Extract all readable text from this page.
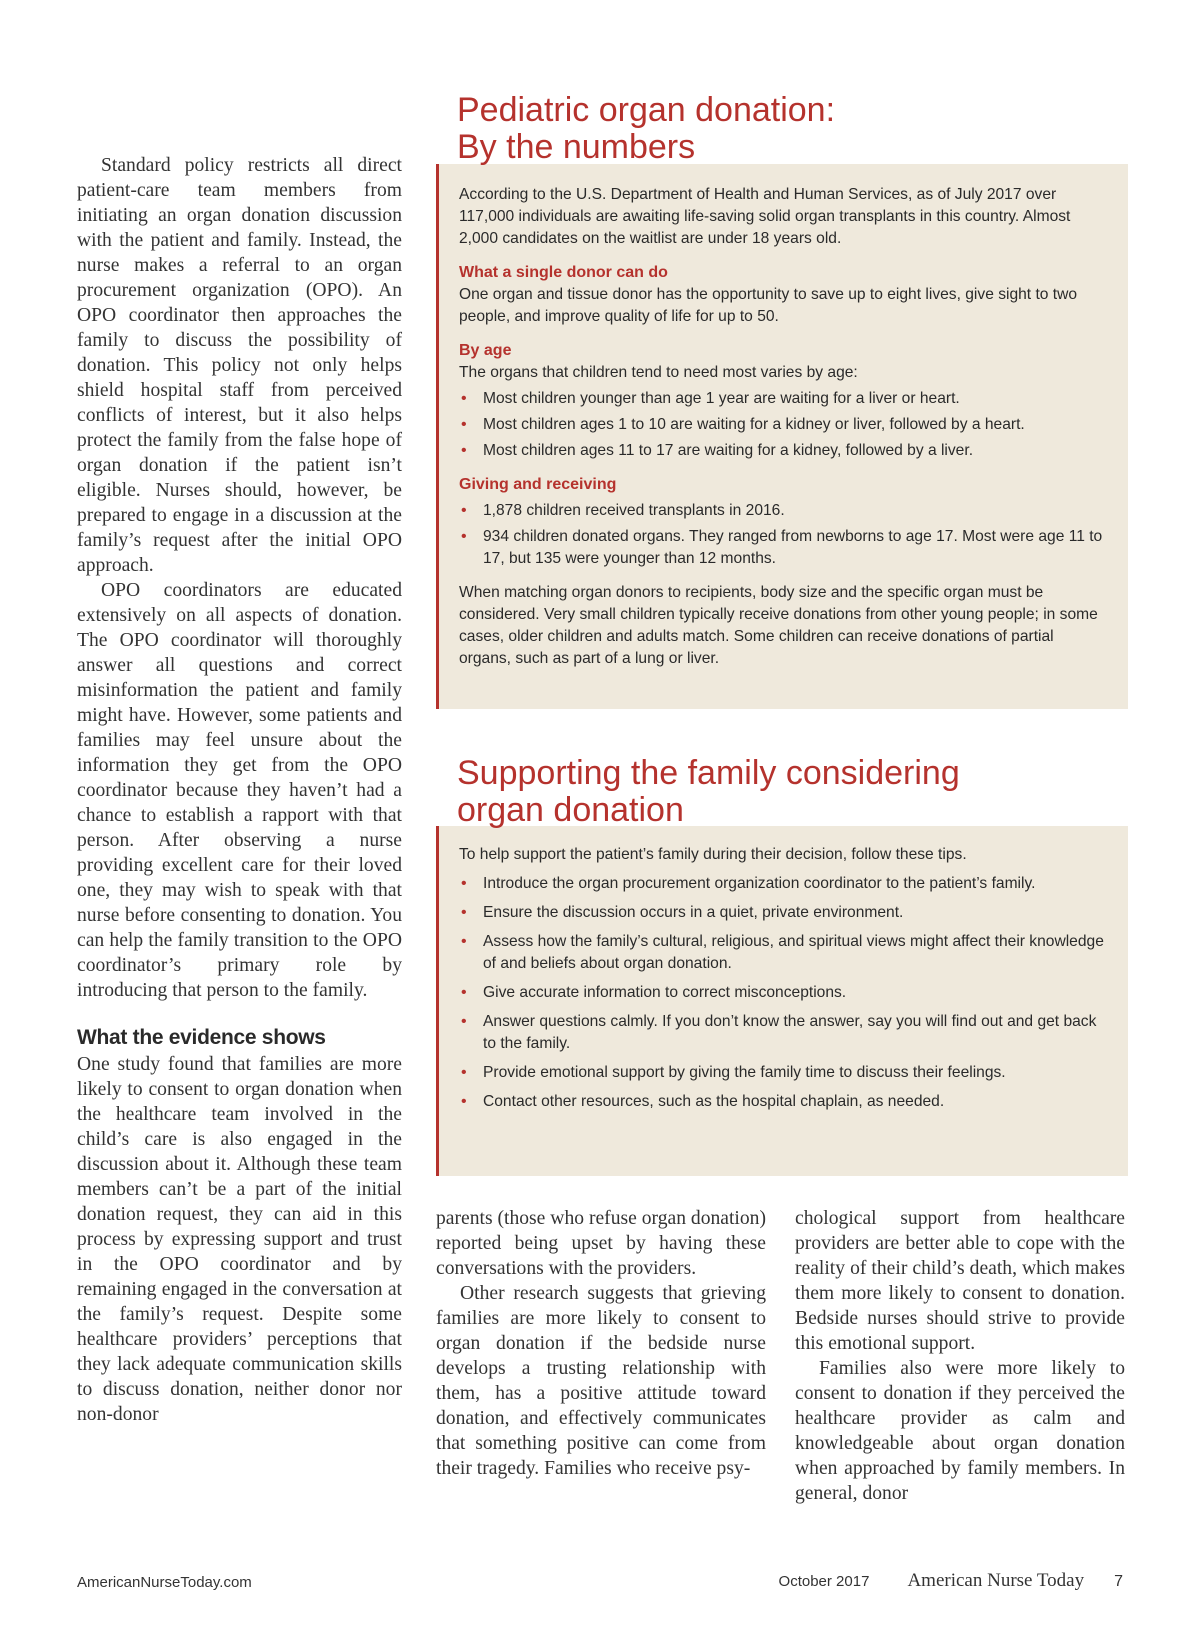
Standard policy restricts all direct patient-care team members from initiating an organ donation discussion with the patient and family. Instead, the nurse makes a referral to an organ procurement organization (OPO). An OPO coordinator then approaches the family to discuss the possibility of donation. This policy not only helps shield hospital staff from perceived conflicts of interest, but it also helps protect the family from the false hope of organ donation if the patient isn’t eligible. Nurses should, however, be prepared to engage in a discussion at the family’s request after the initial OPO approach.

OPO coordinators are educated extensively on all aspects of donation. The OPO coordinator will thoroughly answer all questions and correct misinformation the patient and family might have. However, some patients and families may feel unsure about the information they get from the OPO coordinator because they haven’t had a chance to establish a rapport with that person. After observing a nurse providing excellent care for their loved one, they may wish to speak with that nurse before consenting to donation. You can help the family transition to the OPO coordinator’s primary role by introducing that person to the family.

What the evidence shows

One study found that families are more likely to consent to organ donation when the healthcare team involved in the child’s care is also engaged in the discussion about it. Although these team members can’t be a part of the initial donation request, they can aid in this process by expressing support and trust in the OPO coordinator and by remaining engaged in the conversation at the family’s request. Despite some healthcare providers’ perceptions that they lack adequate communication skills to discuss donation, neither donor nor non-donor

Pediatric organ donation:
By the numbers

According to the U.S. Department of Health and Human Services, as of July 2017 over 117,000 individuals are awaiting life-saving solid organ transplants in this country. Almost 2,000 candidates on the waitlist are under 18 years old.

What a single donor can do

One organ and tissue donor has the opportunity to save up to eight lives, give sight to two people, and improve quality of life for up to 50.

By age

The organs that children tend to need most varies by age:

• Most children younger than age 1 year are waiting for a liver or heart.
• Most children ages 1 to 10 are waiting for a kidney or liver, followed by a heart.
• Most children ages 11 to 17 are waiting for a kidney, followed by a liver.

Giving and receiving

• 1,878 children received transplants in 2016.
• 934 children donated organs. They ranged from newborns to age 17. Most were age 11 to 17, but 135 were younger than 12 months.

When matching organ donors to recipients, body size and the specific organ must be considered. Very small children typically receive donations from other young people; in some cases, older children and adults match. Some children can receive donations of partial organs, such as part of a lung or liver.

Supporting the family considering
organ donation

To help support the patient’s family during their decision, follow these tips.

• Introduce the organ procurement organization coordinator to the patient’s family.
• Ensure the discussion occurs in a quiet, private environment.
• Assess how the family’s cultural, religious, and spiritual views might affect their knowledge of and beliefs about organ donation.
• Give accurate information to correct misconceptions.
• Answer questions calmly. If you don’t know the answer, say you will find out and get back to the family.
• Provide emotional support by giving the family time to discuss their feelings.
• Contact other resources, such as the hospital chaplain, as needed.

parents (those who refuse organ donation) reported being upset by having these conversations with the providers.

Other research suggests that grieving families are more likely to consent to organ donation if the bedside nurse develops a trusting relationship with them, has a positive attitude toward donation, and effectively communicates that something positive can come from their tragedy. Families who receive psy-

chological support from healthcare providers are better able to cope with the reality of their child’s death, which makes them more likely to consent to donation. Bedside nurses should strive to provide this emotional support.

Families also were more likely to consent to donation if they perceived the healthcare provider as calm and knowledgeable about organ donation when approached by family members. In general, donor

AmericanNurseToday.com	October 2017 American Nurse Today 7
